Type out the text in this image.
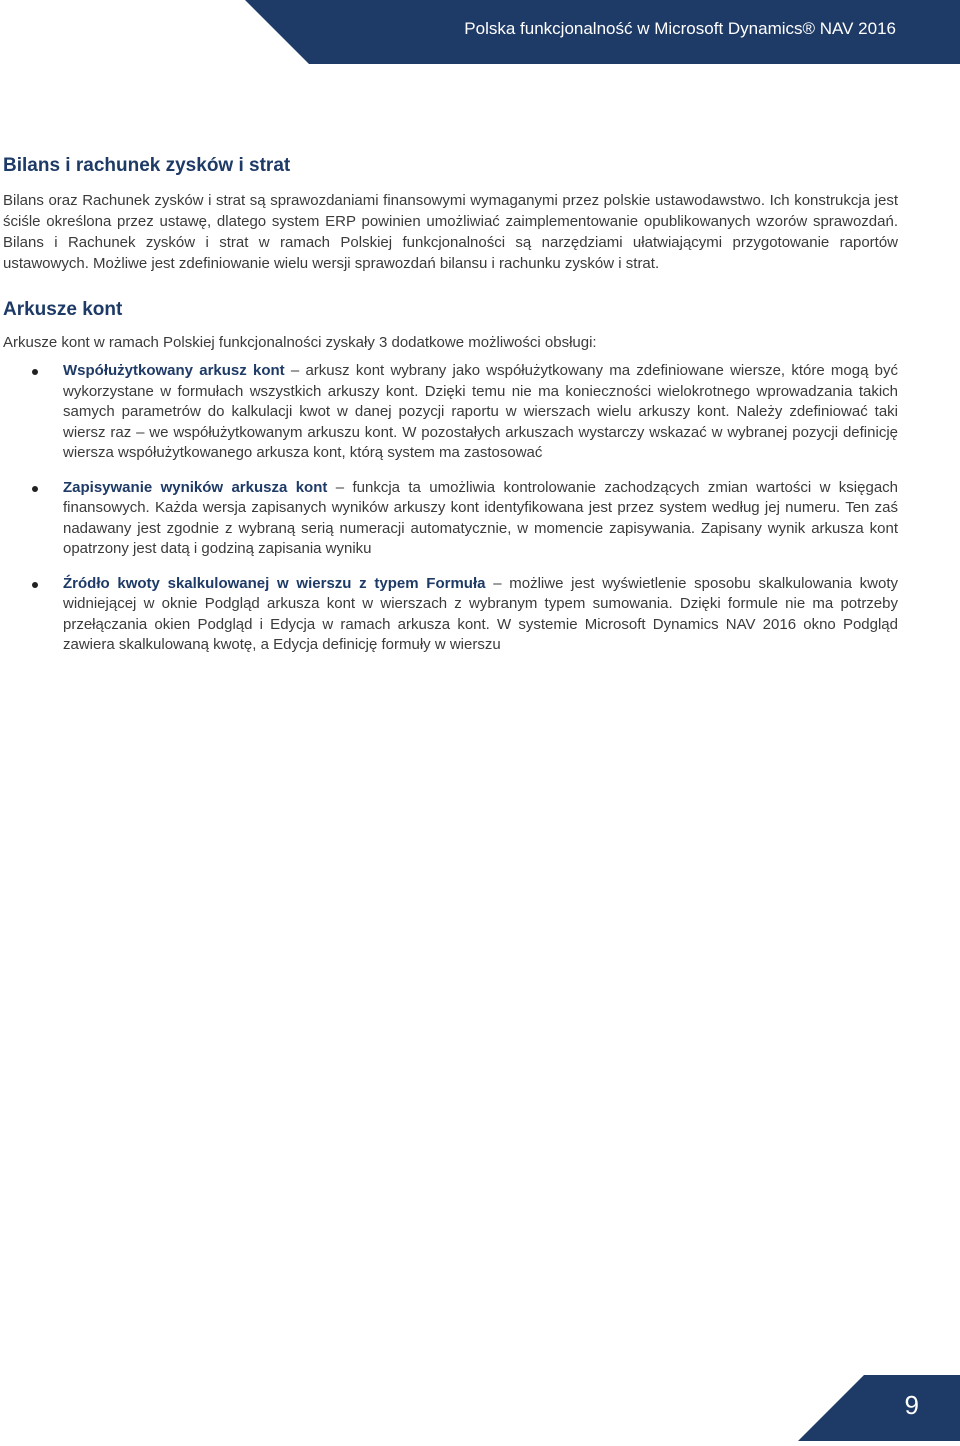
Polska funkcjonalność w Microsoft Dynamics® NAV 2016
Bilans i rachunek zysków i strat

Bilans oraz Rachunek zysków i strat są sprawozdaniami finansowymi wymaganymi przez polskie ustawodawstwo. Ich konstrukcja jest ściśle określona przez ustawę, dlatego system ERP powinien umożliwiać zaimplementowanie opublikowanych wzorów sprawozdań. Bilans i Rachunek zysków i strat w ramach Polskiej funkcjonalności są narzędziami ułatwiającymi przygotowanie raportów ustawowych. Możliwe jest zdefiniowanie wielu wersji sprawozdań bilansu i rachunku zysków i strat.

Arkusze kont

Arkusze kont w ramach Polskiej funkcjonalności zyskały 3 dodatkowe możliwości obsługi:

Współużytkowany arkusz kont – arkusz kont wybrany jako współużytkowany ma zdefiniowane wiersze, które mogą być wykorzystane w formułach wszystkich arkuszy kont. Dzięki temu nie ma konieczności wielokrotnego wprowadzania takich samych parametrów do kalkulacji kwot w danej pozycji raportu w wierszach wielu arkuszy kont. Należy zdefiniować taki wiersz raz – we współużytkowanym arkuszu kont. W pozostałych arkuszach wystarczy wskazać w wybranej pozycji definicję wiersza współużytkowanego arkusza kont, którą system ma zastosować
Zapisywanie wyników arkusza kont – funkcja ta umożliwia kontrolowanie zachodzących zmian wartości w księgach finansowych. Każda wersja zapisanych wyników arkuszy kont identyfikowana jest przez system według jej numeru. Ten zaś nadawany jest zgodnie z wybraną serią numeracji automatycznie, w momencie zapisywania. Zapisany wynik arkusza kont opatrzony jest datą i godziną zapisania wyniku
Źródło kwoty skalkulowanej w wierszu z typem Formuła – możliwe jest wyświetlenie sposobu skalkulowania kwoty widniejącej w oknie Podgląd arkusza kont w wierszach z wybranym typem sumowania. Dzięki formule nie ma potrzeby przełączania okien Podgląd i Edycja w ramach arkusza kont. W systemie Microsoft Dynamics NAV 2016 okno Podgląd zawiera skalkulowaną kwotę, a Edycja definicję formuły w wierszu
9
